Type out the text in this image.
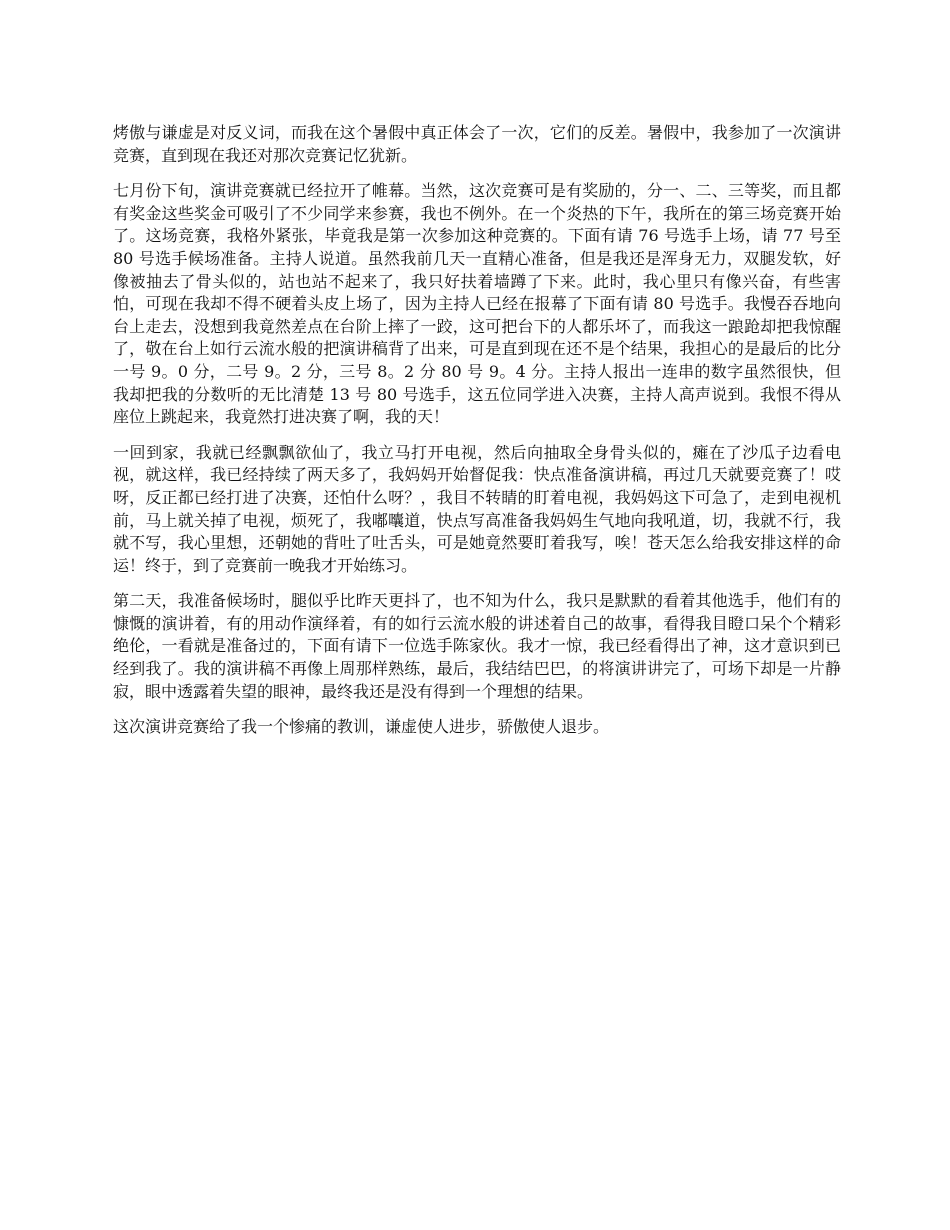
烤傲与谦虚是对反义词，而我在这个暑假中真正体会了一次，它们的反差。暑假中，我参加了一次演讲竞赛，直到现在我还对那次竞赛记忆犹新。

七月份下旬，演讲竞赛就已经拉开了帷幕。当然，这次竞赛可是有奖励的，分一、二、三等奖，而且都有奖金这些奖金可吸引了不少同学来参赛，我也不例外。在一个炎热的下午，我所在的第三场竞赛开始了。这场竞赛，我格外紧张，毕竟我是第一次参加这种竞赛的。下面有请 76 号选手上场，请 77 号至 80 号选手候场准备。主持人说道。虽然我前几天一直精心准备，但是我还是浑身无力，双腿发软，好像被抽去了骨头似的，站也站不起来了，我只好扶着墙蹲了下来。此时，我心里只有像兴奋，有些害怕，可现在我却不得不硬着头皮上场了，因为主持人已经在报幕了下面有请 80 号选手。我慢吞吞地向台上走去，没想到我竟然差点在台阶上摔了一跤，这可把台下的人都乐坏了，而我这一踉跄却把我惊醒了，敬在台上如行云流水般的把演讲稿背了出来，可是直到现在还不是个结果，我担心的是最后的比分一号 9。0 分，二号 9。2 分，三号 8。2 分 80 号 9。4 分。主持人报出一连串的数字虽然很快，但我却把我的分数听的无比清楚 13 号 80 号选手，这五位同学进入决赛，主持人高声说到。我恨不得从座位上跳起来，我竟然打进决赛了啊，我的天！

一回到家，我就已经飘飘欲仙了，我立马打开电视，然后向抽取全身骨头似的，瘫在了沙瓜子边看电视，就这样，我已经持续了两天多了，我妈妈开始督促我：快点准备演讲稿，再过几天就要竞赛了！哎呀，反正都已经打进了决赛，还怕什么呀？，我目不转睛的盯着电视，我妈妈这下可急了，走到电视机前，马上就关掉了电视，烦死了，我嘟囔道，快点写高准备我妈妈生气地向我吼道，切，我就不行，我就不写，我心里想，还朝她的背吐了吐舌头，可是她竟然要盯着我写，唉！苍天怎么给我安排这样的命运！终于，到了竞赛前一晚我才开始练习。

第二天，我准备候场时，腿似乎比昨天更抖了，也不知为什么，我只是默默的看着其他选手，他们有的慷慨的演讲着，有的用动作演绎着，有的如行云流水般的讲述着自己的故事，看得我目瞪口呆个个精彩绝伦，一看就是准备过的，下面有请下一位选手陈家伙。我才一惊，我已经看得出了神，这才意识到已经到我了。我的演讲稿不再像上周那样熟练，最后，我结结巴巴，的将演讲讲完了，可场下却是一片静寂，眼中透露着失望的眼神，最终我还是没有得到一个理想的结果。

这次演讲竞赛给了我一个惨痛的教训，谦虚使人进步，骄傲使人退步。
